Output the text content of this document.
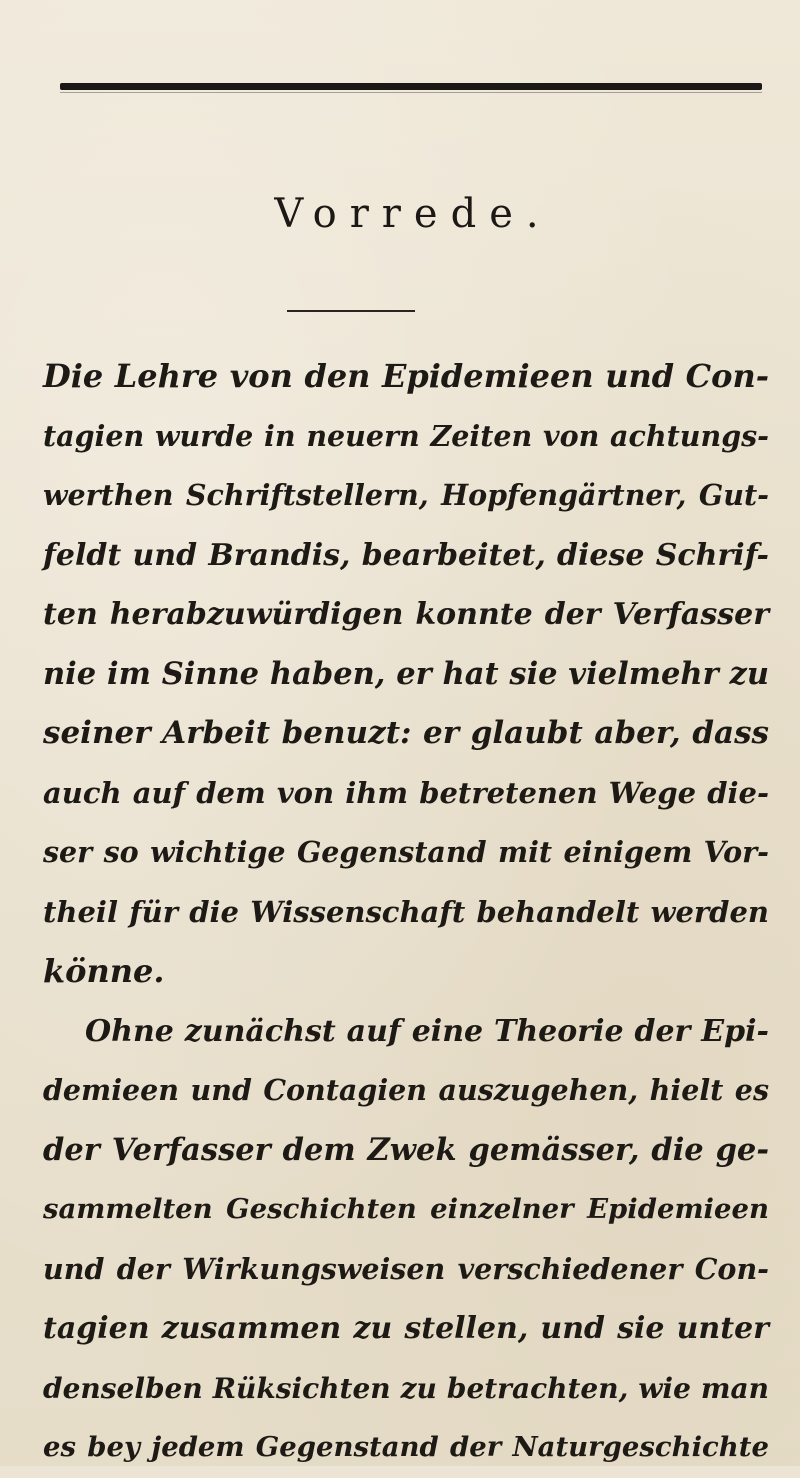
Vorrede.
Die Lehre von den Epidemieen und Con-
tagien wurde in neuern Zeiten von achtungs-
werthen Schriftstellern, Hopfengärtner, Gut-
feldt und Brandis, bearbeitet, diese Schrif-
ten herabzuwürdigen konnte der Verfasser
nie im Sinne haben, er hat sie vielmehr zu
seiner Arbeit benuzt: er glaubt aber, dass
auch auf dem von ihm betretenen Wege die-
ser so wichtige Gegenstand mit einigem Vor-
theil für die Wissenschaft behandelt werden
könne.
Ohne zunächst auf eine Theorie der Epi-
demieen und Contagien auszugehen, hielt es
der Verfasser dem Zwek gemässer, die ge-
sammelten Geschichten einzelner Epidemieen
und der Wirkungsweisen verschiedener Con-
tagien zusammen zu stellen, und sie unter
denselben Rüksichten zu betrachten, wie man
es bey jedem Gegenstand der Naturgeschichte
